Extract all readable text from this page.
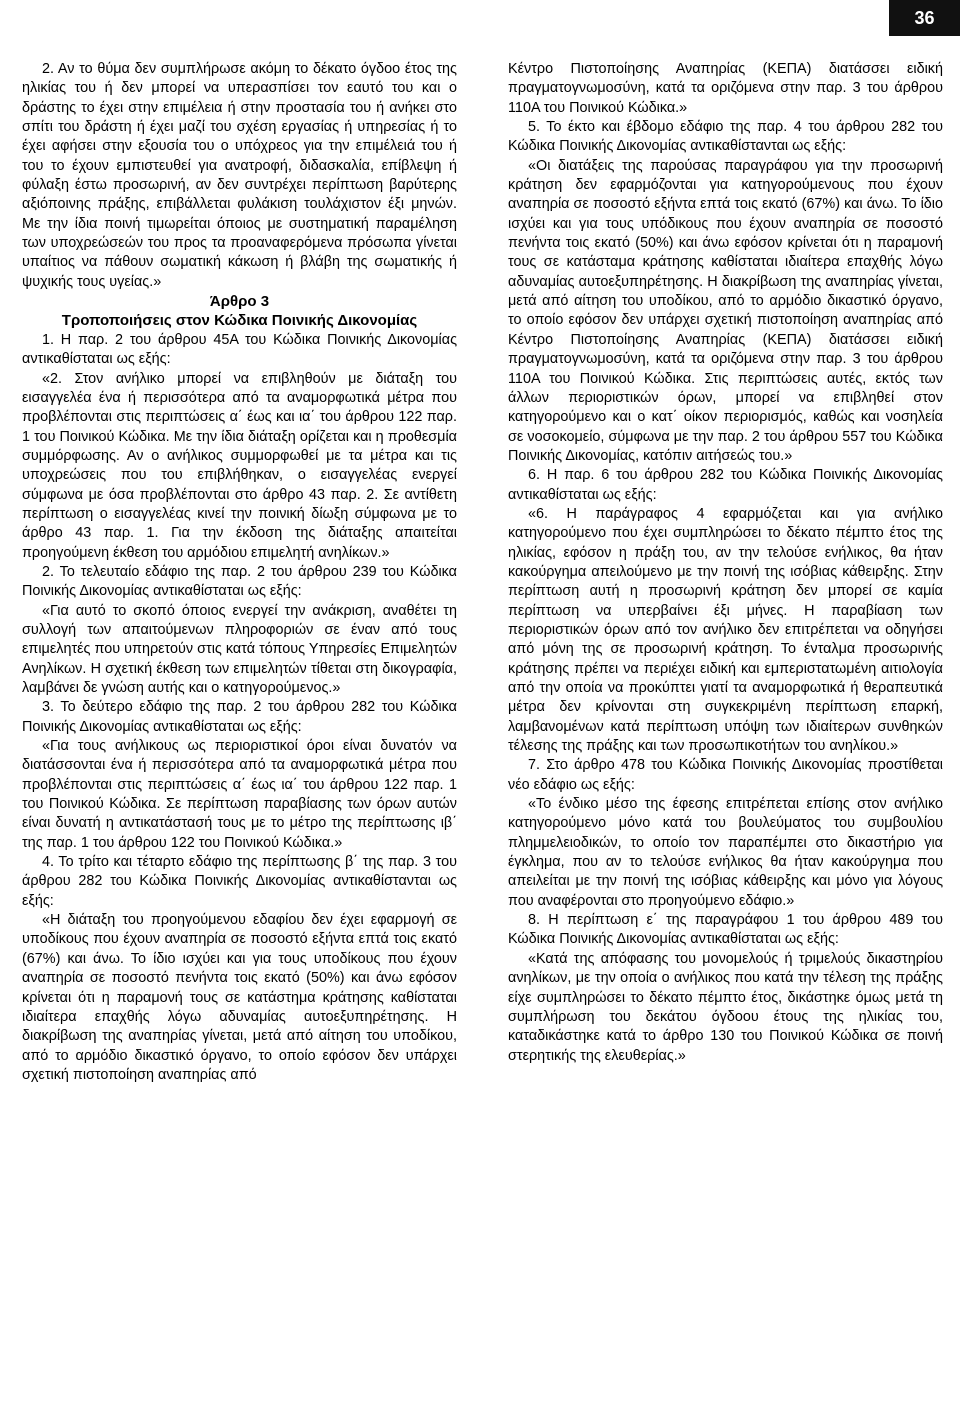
36

2. Αν το θύμα δεν συμπλήρωσε ακόμη το δέκατο όγδοο έτος της ηλικίας του ή δεν μπορεί να υπερασπίσει τον εαυτό του και ο δράστης το έχει στην επιμέλεια ή στην προστασία του ή ανήκει στο σπίτι του δράστη ή έχει μαζί του σχέση εργασίας ή υπηρεσίας ή το έχει αφήσει στην εξουσία του ο υπόχρεος για την επιμέλειά του ή του το έχουν εμπιστευθεί για ανατροφή, διδασκαλία, επίβλεψη ή φύλαξη έστω προσωρινή, αν δεν συντρέχει περίπτωση βαρύτερης αξιόποινης πράξης, επιβάλλεται φυλάκιση τουλάχιστον έξι μηνών. Με την ίδια ποινή τιμωρείται όποιος με συστηματική παραμέληση των υποχρεώσεών του προς τα προαναφερόμενα πρόσωπα γίνεται υπαίτιος να πάθουν σωματική κάκωση ή βλάβη της σωματικής ή ψυχικής τους υγείας.»

Άρθρο 3

Τροποποιήσεις στον Κώδικα Ποινικής Δικονομίας

1. Η παρ. 2 του άρθρου 45Α του Κώδικα Ποινικής Δικονομίας αντικαθίσταται ως εξής:

«2. Στον ανήλικο μπορεί να επιβληθούν με διάταξη του εισαγγελέα ένα ή περισσότερα από τα αναμορφωτικά μέτρα που προβλέπονται στις περιπτώσεις α΄ έως και ια΄ του άρθρου 122 παρ. 1 του Ποινικού Κώδικα. Με την ίδια διάταξη ορίζεται και η προθεσμία συμμόρφωσης. Αν ο ανήλικος συμμορφωθεί με τα μέτρα και τις υποχρεώσεις που του επιβλήθηκαν, ο εισαγγελέας ενεργεί σύμφωνα με όσα προβλέπονται στο άρθρο 43 παρ. 2. Σε αντίθετη περίπτωση ο εισαγγελέας κινεί την ποινική δίωξη σύμφωνα με το άρθρο 43 παρ. 1. Για την έκδοση της διάταξης απαιτείται προηγούμενη έκθεση του αρμόδιου επιμελητή ανηλίκων.»

2. Το τελευταίο εδάφιο της παρ. 2 του άρθρου 239 του Κώδικα Ποινικής Δικονομίας αντικαθίσταται ως εξής:

«Για αυτό το σκοπό όποιος ενεργεί την ανάκριση, αναθέτει τη συλλογή των απαιτούμενων πληροφοριών σε έναν από τους επιμελητές που υπηρετούν στις κατά τόπους Υπηρεσίες Επιμελητών Ανηλίκων. Η σχετική έκθεση των επιμελητών τίθεται στη δικογραφία, λαμβάνει δε γνώση αυτής και ο κατηγορούμενος.»

3. Το δεύτερο εδάφιο της παρ. 2 του άρθρου 282 του Κώδικα Ποινικής Δικονομίας αντικαθίσταται ως εξής:

«Για τους ανήλικους ως περιοριστικοί όροι είναι δυνατόν να διατάσσονται ένα ή περισσότερα από τα αναμορφωτικά μέτρα που προβλέπονται στις περιπτώσεις α΄ έως ια΄ του άρθρου 122 παρ. 1 του Ποινικού Κώδικα. Σε περίπτωση παραβίασης των όρων αυτών είναι δυνατή η αντικατάστασή τους με το μέτρο της περίπτωσης ιβ΄ της παρ. 1 του άρθρου 122 του Ποινικού Κώδικα.»

4. Το τρίτο και τέταρτο εδάφιο της περίπτωσης β΄ της παρ. 3 του άρθρου 282 του Κώδικα Ποινικής Δικονομίας αντικαθίστανται ως εξής:

«Η διάταξη του προηγούμενου εδαφίου δεν έχει εφαρμογή σε υποδίκους που έχουν αναπηρία σε ποσοστό εξήντα επτά τοις εκατό (67%) και άνω. Το ίδιο ισχύει και για τους υποδίκους που έχουν αναπηρία σε ποσοστό πενήντα τοις εκατό (50%) και άνω εφόσον κρίνεται ότι η παραμονή τους σε κατάστημα κράτησης καθίσταται ιδιαίτερα επαχθής λόγω αδυναμίας αυτοεξυπηρέτησης. Η διακρίβωση της αναπηρίας γίνεται, μετά από αίτηση του υποδίκου, από το αρμόδιο δικαστικό όργανο, το οποίο εφόσον δεν υπάρχει σχετική πιστοποίηση αναπηρίας από

Κέντρο Πιστοποίησης Αναπηρίας (ΚΕΠΑ) διατάσσει ειδική πραγματογνωμοσύνη, κατά τα οριζόμενα στην παρ. 3 του άρθρου 110Α του Ποινικού Κώδικα.»

5. Το έκτο και έβδομο εδάφιο της παρ. 4 του άρθρου 282 του Κώδικα Ποινικής Δικονομίας αντικαθίστανται ως εξής:

«Οι διατάξεις της παρούσας παραγράφου για την προσωρινή κράτηση δεν εφαρμόζονται για κατηγορούμενους που έχουν αναπηρία σε ποσοστό εξήντα επτά τοις εκατό (67%) και άνω. Το ίδιο ισχύει και για τους υπόδικους που έχουν αναπηρία σε ποσοστό πενήντα τοις εκατό (50%) και άνω εφόσον κρίνεται ότι η παραμονή τους σε κατάσταμα κράτησης καθίσταται ιδιαίτερα επαχθής λόγω αδυναμίας αυτοεξυπηρέτησης. Η διακρίβωση της αναπηρίας γίνεται, μετά από αίτηση του υποδίκου, από το αρμόδιο δικαστικό όργανο, το οποίο εφόσον δεν υπάρχει σχετική πιστοποίηση αναπηρίας από Κέντρο Πιστοποίησης Αναπηρίας (ΚΕΠΑ) διατάσσει ειδική πραγματογνωμοσύνη, κατά τα οριζόμενα στην παρ. 3 του άρθρου 110Α του Ποινικού Κώδικα. Στις περιπτώσεις αυτές, εκτός των άλλων περιοριστικών όρων, μπορεί να επιβληθεί στον κατηγορούμενο και ο κατ΄ οίκον περιορισμός, καθώς και νοσηλεία σε νοσοκομείο, σύμφωνα με την παρ. 2 του άρθρου 557 του Κώδικα Ποινικής Δικονομίας, κατόπιν αιτήσεώς του.»

6. Η παρ. 6 του άρθρου 282 του Κώδικα Ποινικής Δικονομίας αντικαθίσταται ως εξής:

«6. Η παράγραφος 4 εφαρμόζεται και για ανήλικο κατηγορούμενο που έχει συμπληρώσει το δέκατο πέμπτο έτος της ηλικίας, εφόσον η πράξη του, αν την τελούσε ενήλικος, θα ήταν κακούργημα απειλούμενο με την ποινή της ισόβιας κάθειρξης. Στην περίπτωση αυτή η προσωρινή κράτηση δεν μπορεί σε καμία περίπτωση να υπερβαίνει έξι μήνες. Η παραβίαση των περιοριστικών όρων από τον ανήλικο δεν επιτρέπεται να οδηγήσει από μόνη της σε προσωρινή κράτηση. Το ένταλμα προσωρινής κράτησης πρέπει να περιέχει ειδική και εμπεριστατωμένη αιτιολογία από την οποία να προκύπτει γιατί τα αναμορφωτικά ή θεραπευτικά μέτρα δεν κρίνονται στη συγκεκριμένη περίπτωση επαρκή, λαμβανομένων κατά περίπτωση υπόψη των ιδιαίτερων συνθηκών τέλεσης της πράξης και των προσωπικοτήτων του ανηλίκου.»

7. Στο άρθρο 478 του Κώδικα Ποινικής Δικονομίας προστίθεται νέο εδάφιο ως εξής:

«Το ένδικο μέσο της έφεσης επιτρέπεται επίσης στον ανήλικο κατηγορούμενο μόνο κατά του βουλεύματος του συμβουλίου πλημμελειοδικών, το οποίο τον παραπέμπει στο δικαστήριο για έγκλημα, που αν το τελούσε ενήλικος θα ήταν κακούργημα που απειλείται με την ποινή της ισόβιας κάθειρξης και μόνο για λόγους που αναφέρονται στο προηγούμενο εδάφιο.»

8. Η περίπτωση ε΄ της παραγράφου 1 του άρθρου 489 του Κώδικα Ποινικής Δικονομίας αντικαθίσταται ως εξής:

«Κατά της απόφασης του μονομελούς ή τριμελούς δικαστηρίου ανηλίκων, με την οποία ο ανήλικος που κατά την τέλεση της πράξης είχε συμπληρώσει το δέκατο πέμπτο έτος, δικάστηκε όμως μετά τη συμπλήρωση του δεκάτου όγδοου έτους της ηλικίας του, καταδικάστηκε κατά το άρθρο 130 του Ποινικού Κώδικα σε ποινή στερητικής της ελευθερίας.»
